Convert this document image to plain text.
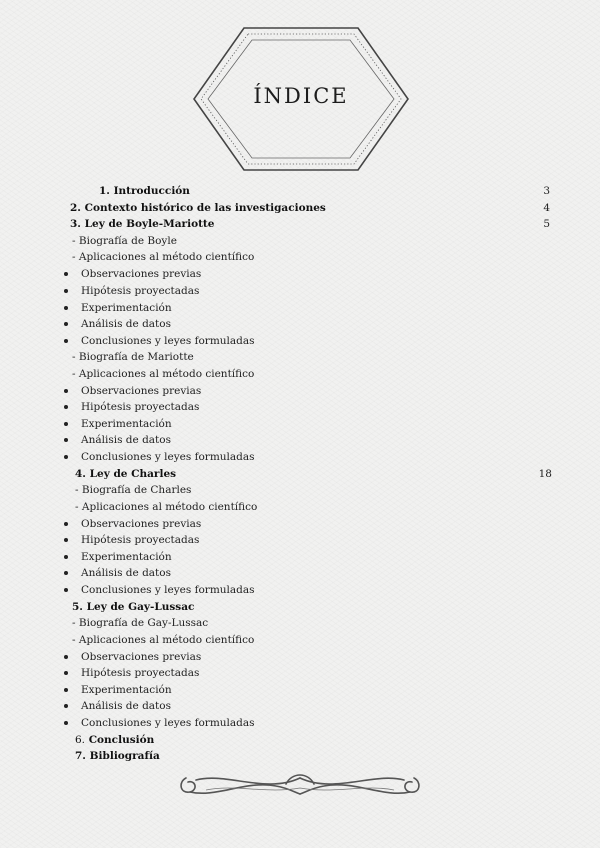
ÍNDICE
1. Introducción	3
2. Contexto histórico de las investigaciones	4
3. Ley de Boyle-Mariotte	5
- Biografía de Boyle
- Aplicaciones al método científico
Observaciones previas
Hipótesis proyectadas
Experimentación
Análisis de datos
Conclusiones y leyes formuladas
- Biografía de Mariotte
- Aplicaciones al método científico
Observaciones previas
Hipótesis proyectadas
Experimentación
Análisis de datos
Conclusiones y leyes formuladas
4. Ley de Charles	18
- Biografía de Charles
- Aplicaciones al método científico
Observaciones previas
Hipótesis proyectadas
Experimentación
Análisis de datos
Conclusiones y leyes formuladas
5. Ley de Gay-Lussac
- Biografía de Gay-Lussac
- Aplicaciones al método científico
Observaciones previas
Hipótesis proyectadas
Experimentación
Análisis de datos
Conclusiones y leyes formuladas
6. Conclusión
7. Bibliografía
